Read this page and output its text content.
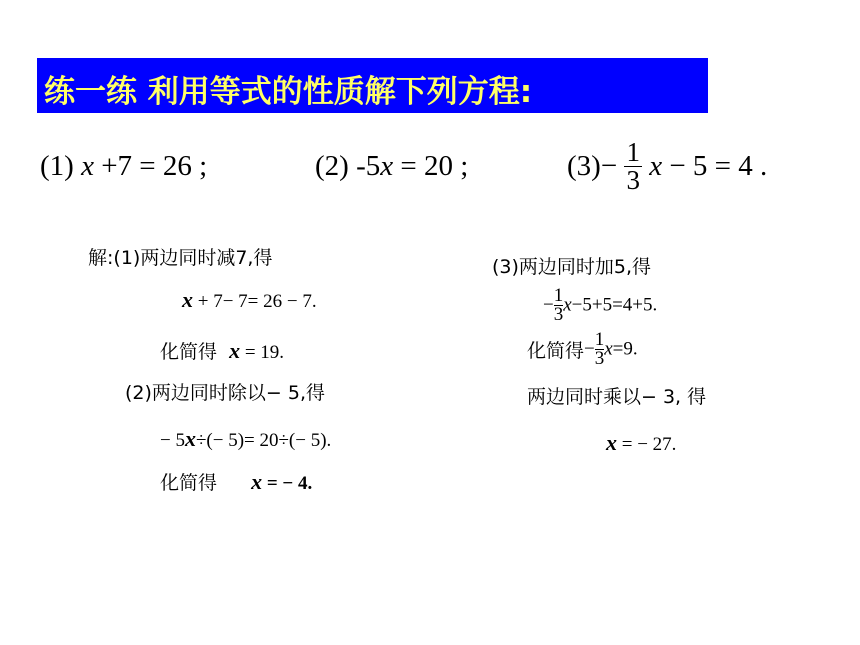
练一练 利用等式的性质解下列方程:
(1) x +7 = 26 ;	(2) -5x = 20 ;	$(3)- \frac{1}{3}$ x − 5 = 4 .
解:(1)两边同时减7,得
x + 7− 7= 26 − 7.
化简得 x = 19.
(2)两边同时除以− 5,得
− 5x÷(− 5)= 20÷(− 5).
化简得 x = − 4.
(3)两边同时加5,得
− $\frac{1}{3} x-5+5=4+5$.
化简得− $\frac{1}{3} x=9$.
两边同时乘以− 3, 得
x = − 27.
